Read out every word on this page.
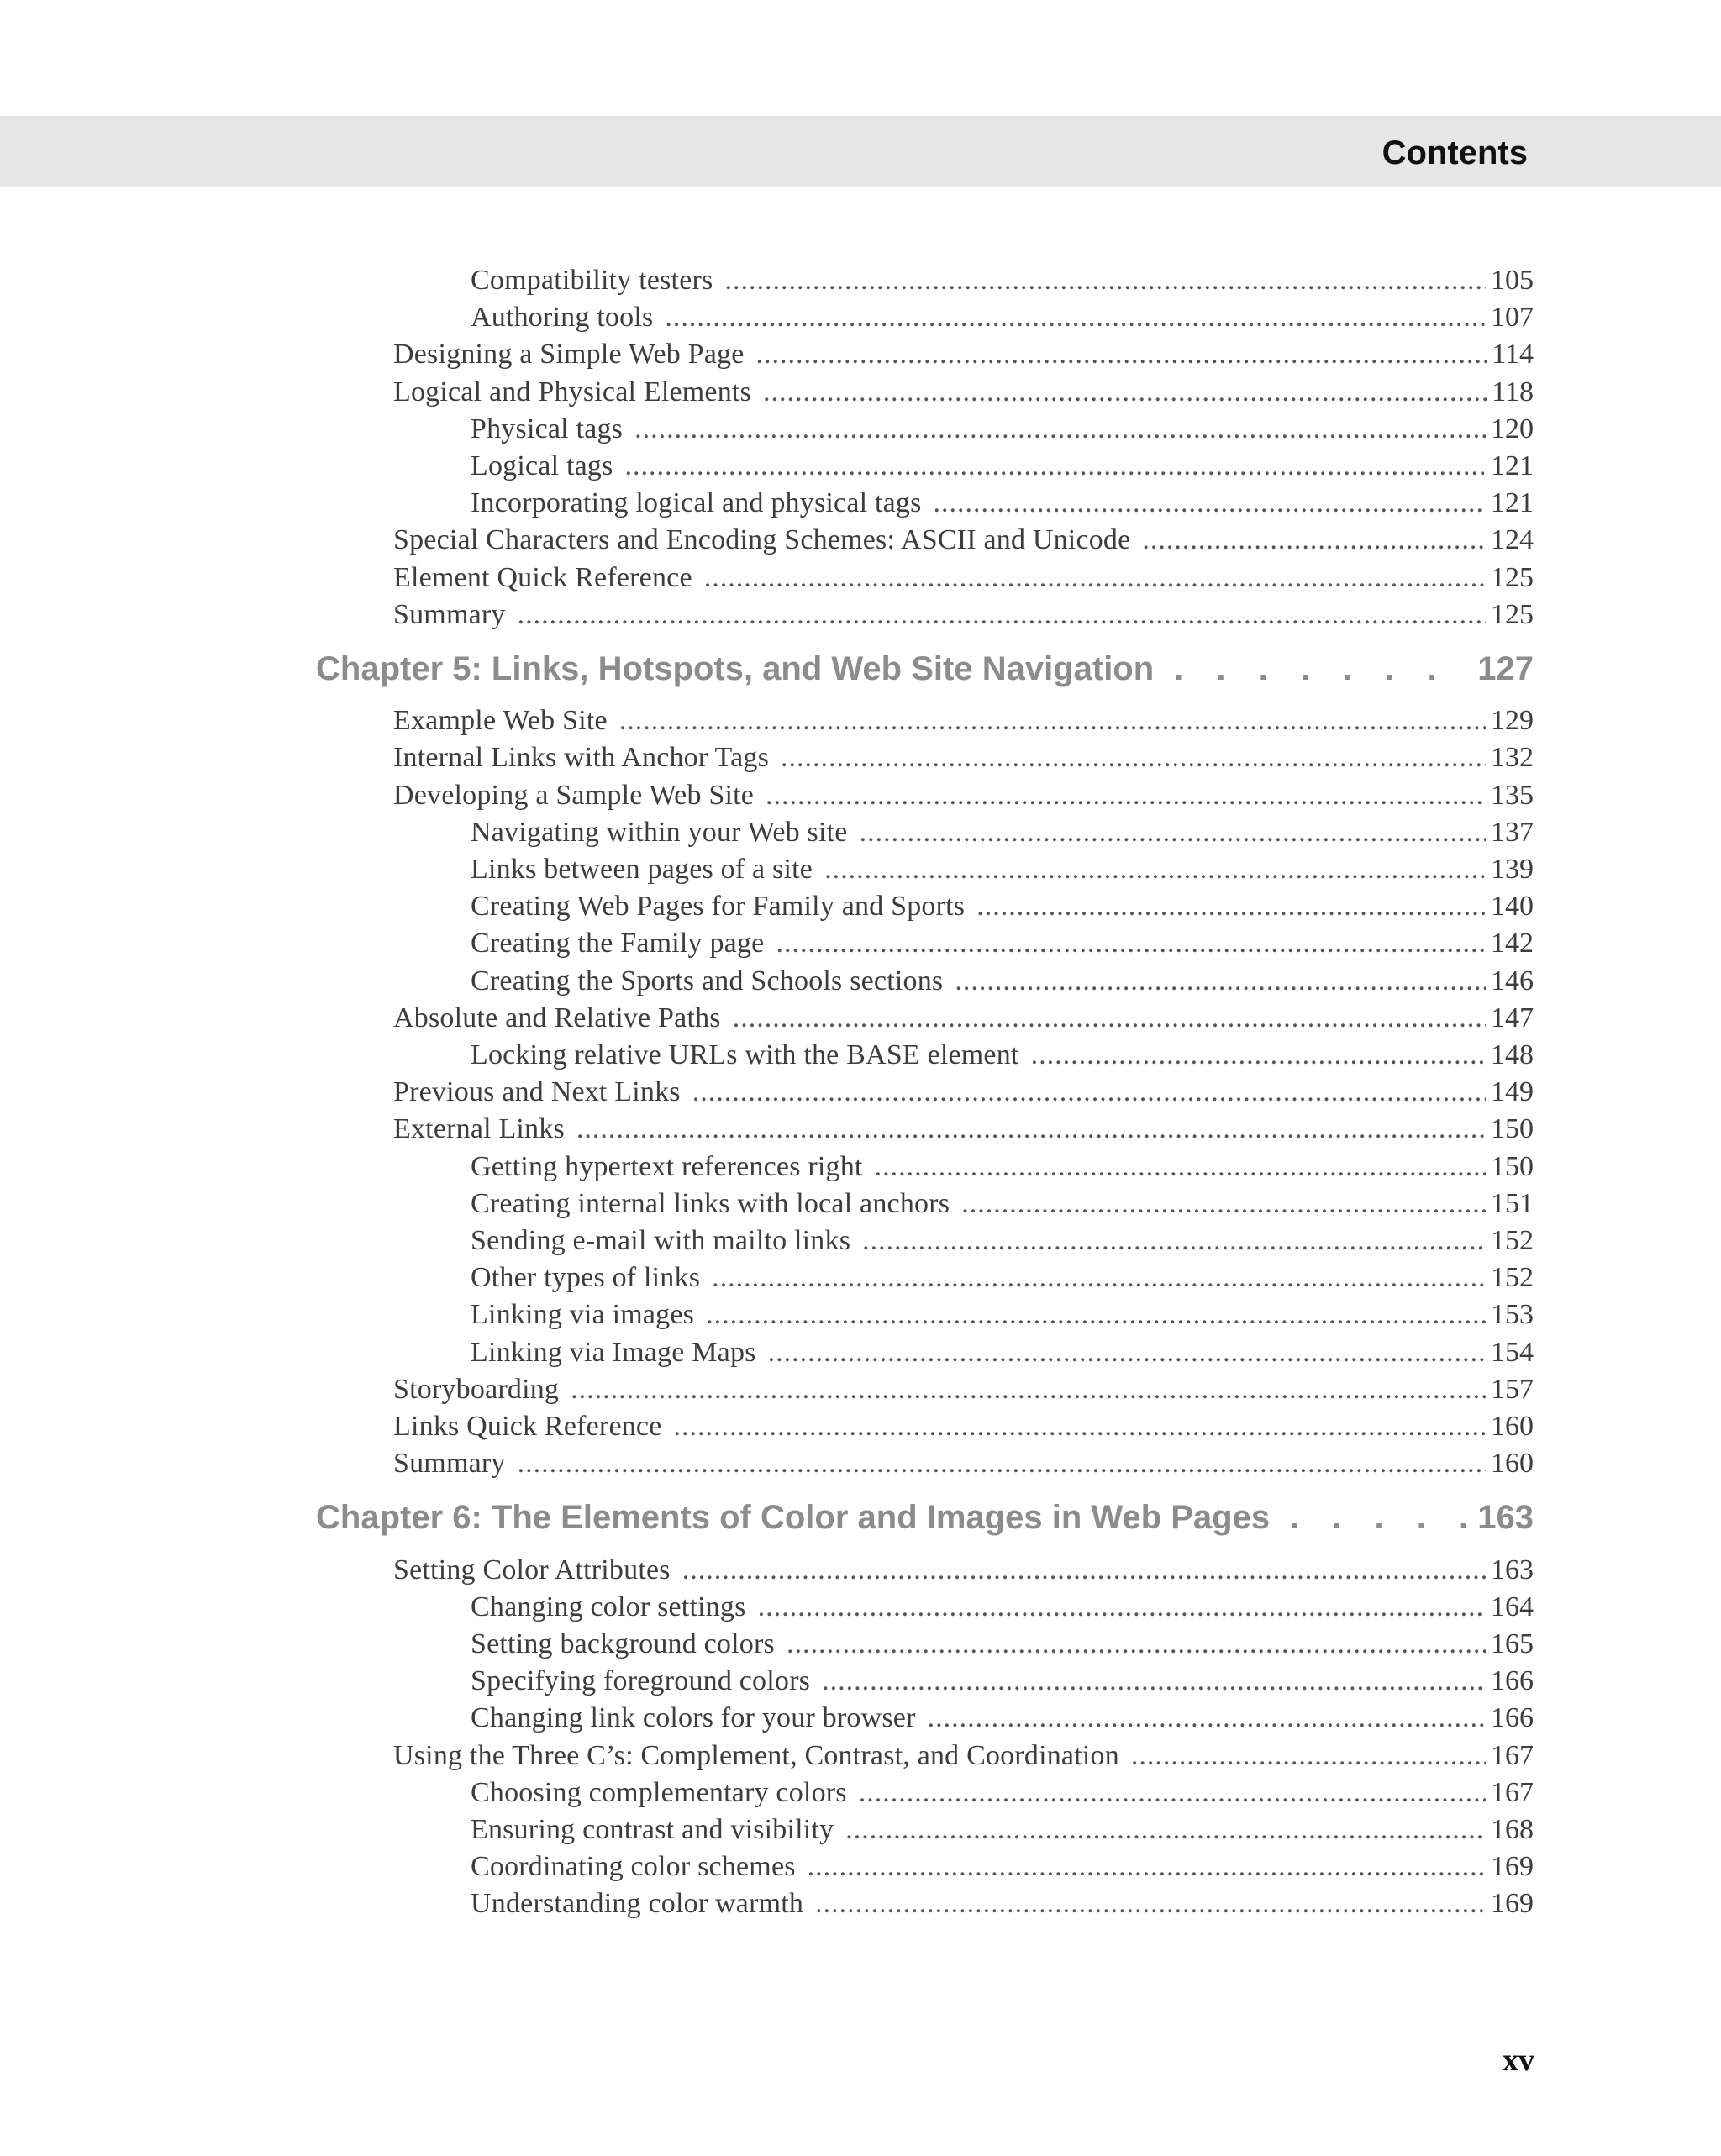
Contents
Compatibility testers .....	105
Authoring tools .....	107
Designing a Simple Web Page .....	114
Logical and Physical Elements .....	118
Physical tags .....	120
Logical tags .....	121
Incorporating logical and physical tags .....	121
Special Characters and Encoding Schemes: ASCII and Unicode .....	124
Element Quick Reference .....	125
Summary .....	125
Chapter 5: Links, Hotspots, and Web Site Navigation . . .	127
Example Web Site .....	129
Internal Links with Anchor Tags .....	132
Developing a Sample Web Site .....	135
Navigating within your Web site .....	137
Links between pages of a site .....	139
Creating Web Pages for Family and Sports .....	140
Creating the Family page .....	142
Creating the Sports and Schools sections .....	146
Absolute and Relative Paths .....	147
Locking relative URLs with the BASE element .....	148
Previous and Next Links .....	149
External Links .....	150
Getting hypertext references right .....	150
Creating internal links with local anchors .....	151
Sending e-mail with mailto links .....	152
Other types of links .....	152
Linking via images .....	153
Linking via Image Maps .....	154
Storyboarding .....	157
Links Quick Reference .....	160
Summary .....	160
Chapter 6: The Elements of Color and Images in Web Pages . . .	163
Setting Color Attributes .....	163
Changing color settings .....	164
Setting background colors .....	165
Specifying foreground colors .....	166
Changing link colors for your browser .....	166
Using the Three C’s: Complement, Contrast, and Coordination .....	167
Choosing complementary colors .....	167
Ensuring contrast and visibility .....	168
Coordinating color schemes .....	169
Understanding color warmth .....	169
xv
